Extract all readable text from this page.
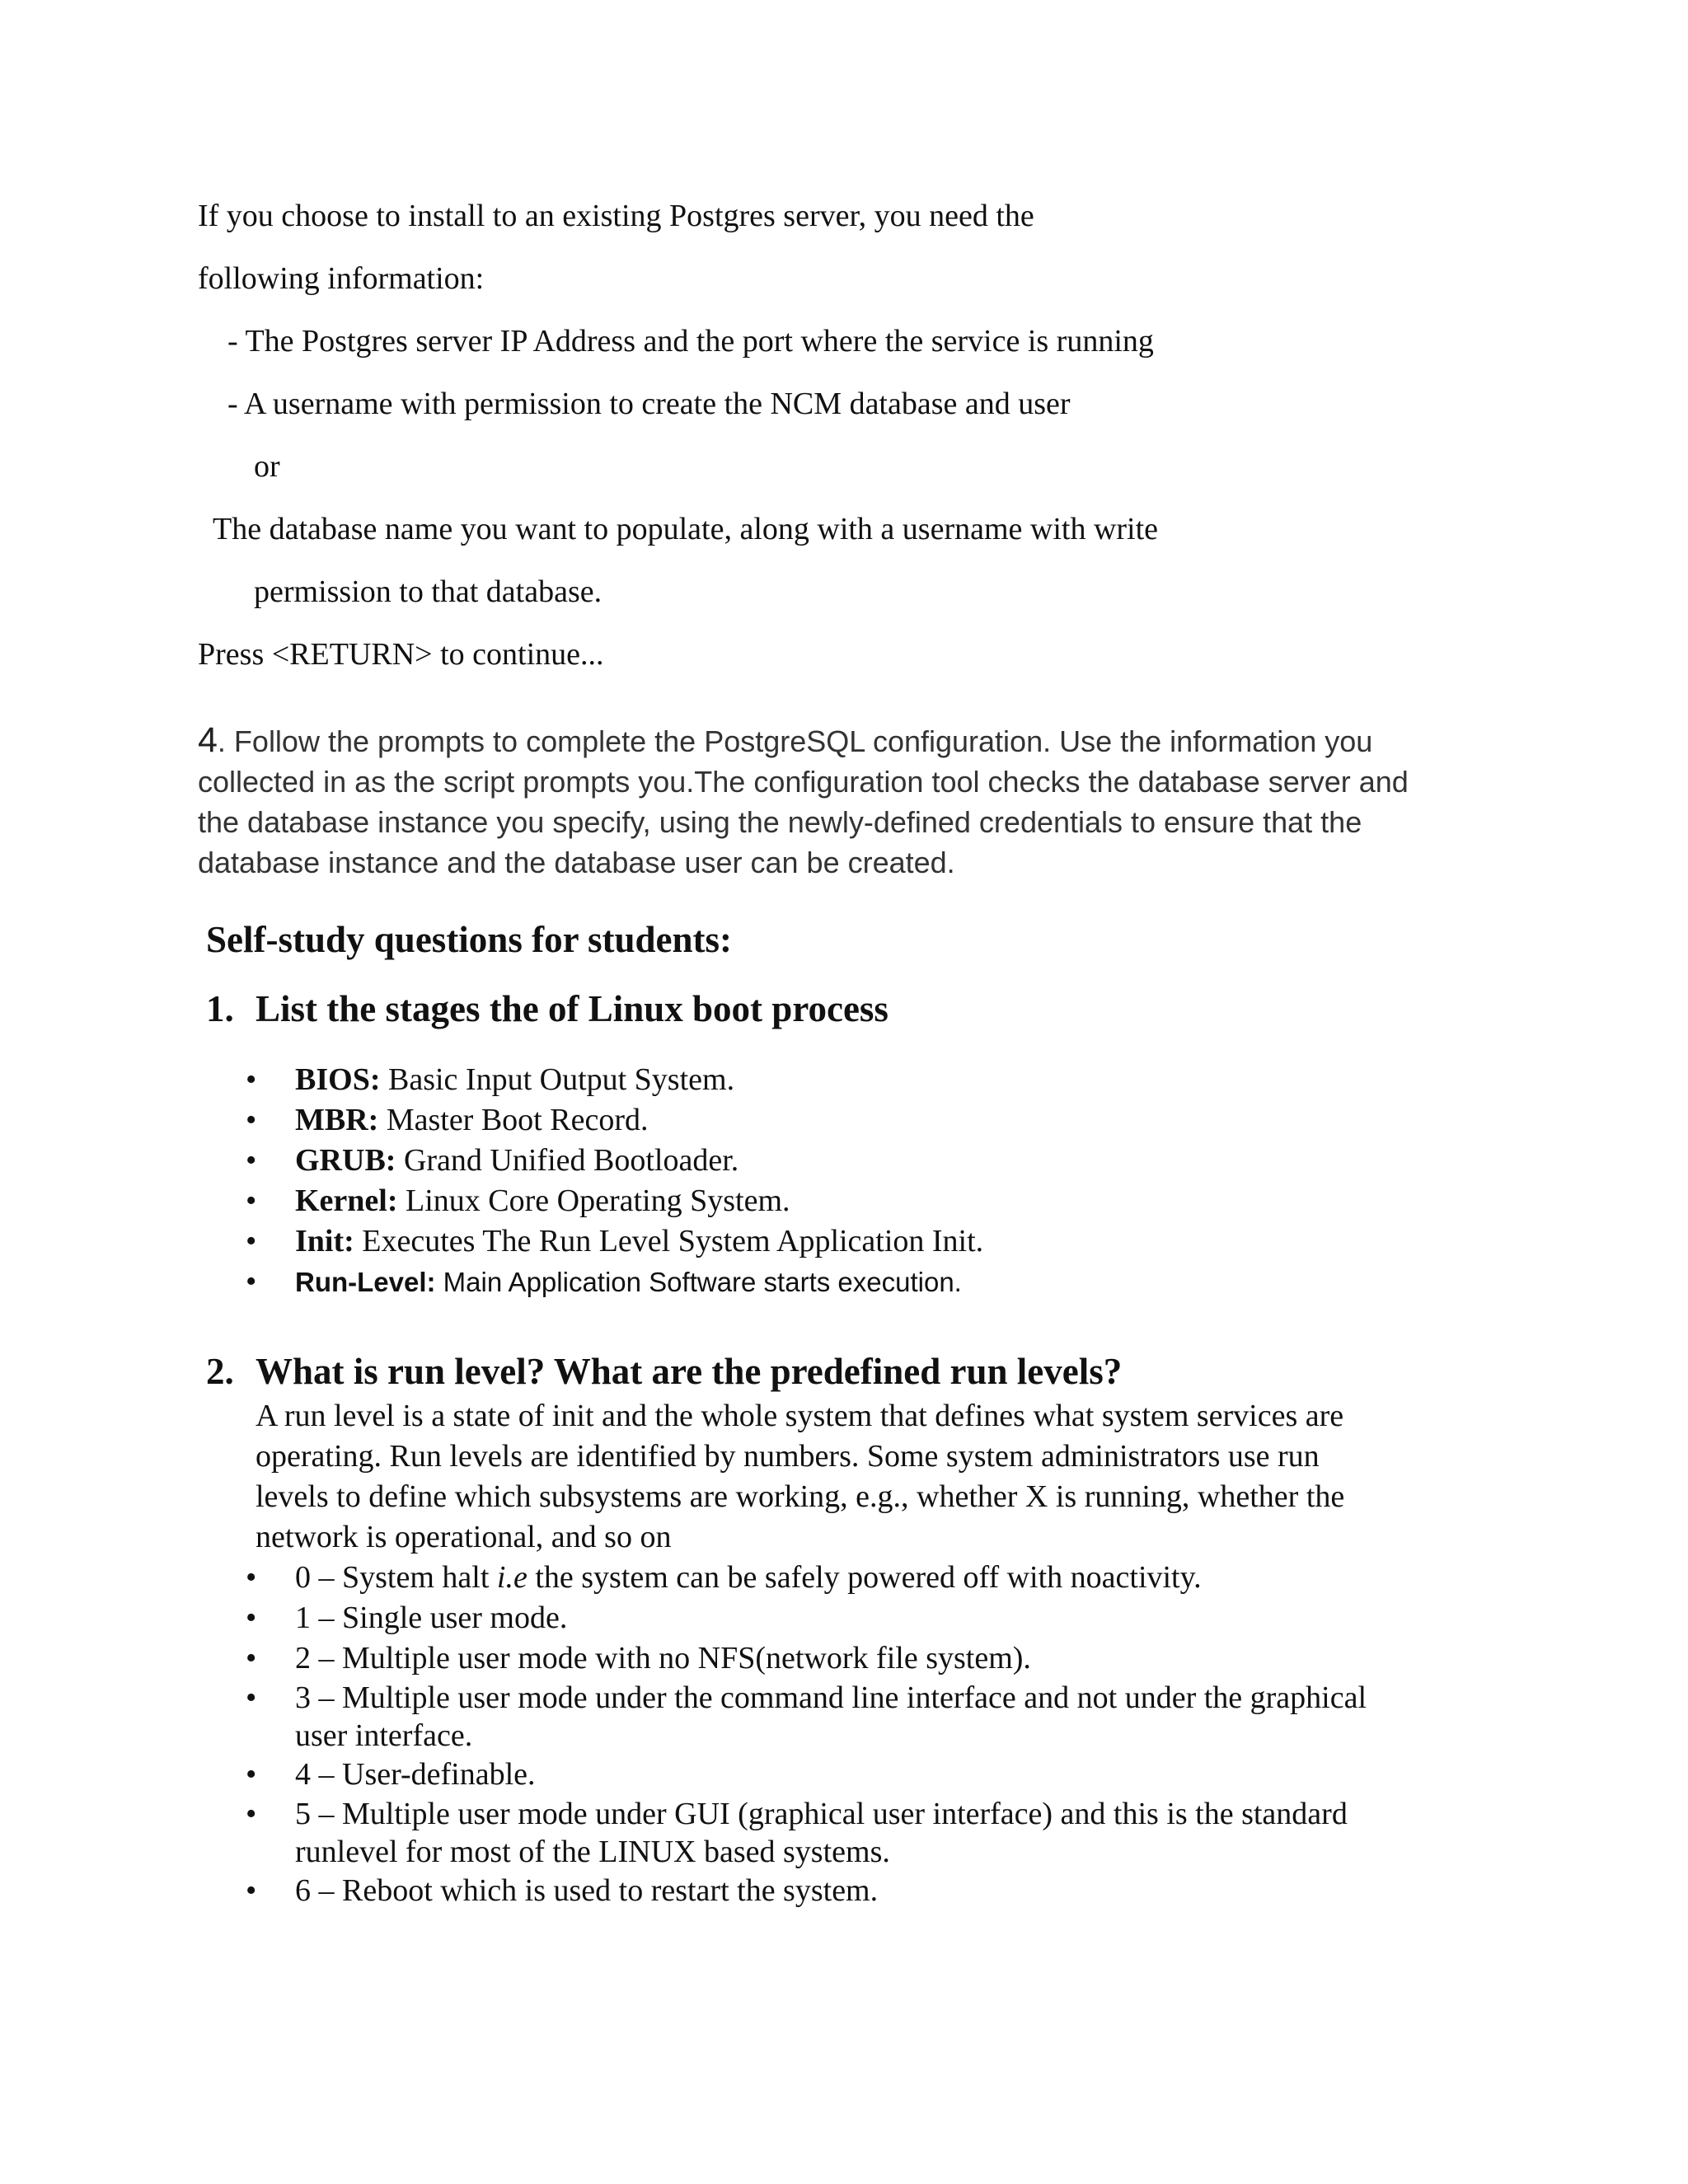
If you choose to install to an existing Postgres server, you need the
following information:
- The Postgres server IP Address and the port where the service is running
- A username with permission to create the NCM database and user
or
The database name you want to populate, along with a username with write
permission to that database.
Press <RETURN> to continue...
4. Follow the prompts to complete the PostgreSQL configuration. Use the information you
collected in as the script prompts you.The configuration tool checks the database server and
the database instance you specify, using the newly-defined credentials to ensure that the
database instance and the database user can be created.
Self-study questions for students:
1. List the stages the of Linux boot process
• BIOS: Basic Input Output System.
• MBR: Master Boot Record.
• GRUB: Grand Unified Bootloader.
• Kernel: Linux Core Operating System.
• Init: Executes The Run Level System Application Init.
• Run-Level: Main Application Software starts execution.
2. What is run level? What are the predefined run levels?
A run level is a state of init and the whole system that defines what system services are
operating. Run levels are identified by numbers. Some system administrators use run
levels to define which subsystems are working, e.g., whether X is running, whether the
network is operational, and so on
• 0 – System halt i.e the system can be safely powered off with noactivity.
• 1 – Single user mode.
• 2 – Multiple user mode with no NFS(network file system).
• 3 – Multiple user mode under the command line interface and not under the graphical
user interface.
• 4 – User-definable.
• 5 – Multiple user mode under GUI (graphical user interface) and this is the standard
runlevel for most of the LINUX based systems.
• 6 – Reboot which is used to restart the system.
